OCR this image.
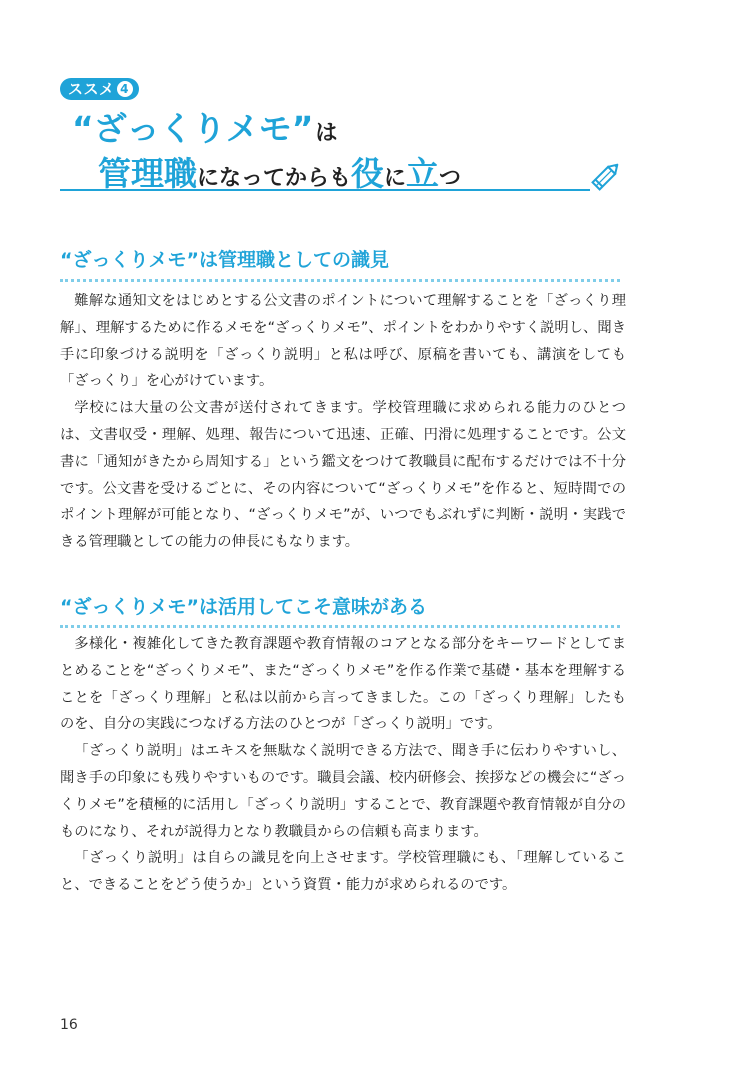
ススメ 4
“ざっくりメモ”は
管理職になってからも役に立つ
“ざっくりメモ”は管理職としての識見

難解な通知文をはじめとする公文書のポイントについて理解することを「ざっくり理解」、理解するために作るメモを“ざっくりメモ”、ポイントをわかりやすく説明し、聞き手に印象づける説明を「ざっくり説明」と私は呼び、原稿を書いても、講演をしても「ざっくり」を心がけています。

学校には大量の公文書が送付されてきます。学校管理職に求められる能力のひとつは、文書収受・理解、処理、報告について迅速、正確、円滑に処理することです。公文書に「通知がきたから周知する」という鑑文をつけて教職員に配布するだけでは不十分です。公文書を受けるごとに、その内容について“ざっくりメモ”を作ると、短時間でのポイント理解が可能となり、“ざっくりメモ”が、いつでもぶれずに判断・説明・実践できる管理職としての能力の伸長にもなります。

“ざっくりメモ”は活用してこそ意味がある

多様化・複雑化してきた教育課題や教育情報のコアとなる部分をキーワードとしてまとめることを“ざっくりメモ”、また“ざっくりメモ”を作る作業で基礎・基本を理解することを「ざっくり理解」と私は以前から言ってきました。この「ざっくり理解」したものを、自分の実践につなげる方法のひとつが「ざっくり説明」です。

「ざっくり説明」はエキスを無駄なく説明できる方法で、聞き手に伝わりやすいし、聞き手の印象にも残りやすいものです。職員会議、校内研修会、挨拶などの機会に“ざっくりメモ”を積極的に活用し「ざっくり説明」することで、教育課題や教育情報が自分のものになり、それが説得力となり教職員からの信頼も高まります。

「ざっくり説明」は自らの識見を向上させます。学校管理職にも、「理解していること、できることをどう使うか」という資質・能力が求められるのです。

16
